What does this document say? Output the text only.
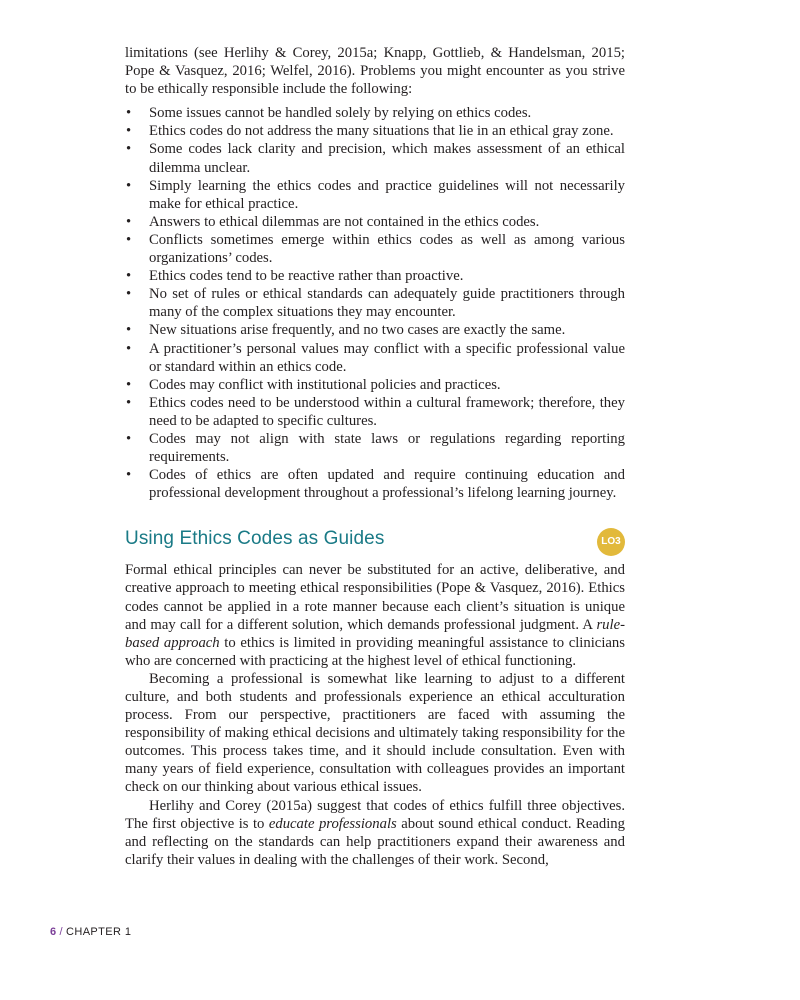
limitations (see Herlihy & Corey, 2015a; Knapp, Gottlieb, & Handelsman, 2015; Pope & Vasquez, 2016; Welfel, 2016). Problems you might encounter as you strive to be ethically responsible include the following:

• Some issues cannot be handled solely by relying on ethics codes.
• Ethics codes do not address the many situations that lie in an ethical gray zone.
• Some codes lack clarity and precision, which makes assessment of an ethical dilemma unclear.
• Simply learning the ethics codes and practice guidelines will not necessarily make for ethical practice.
• Answers to ethical dilemmas are not contained in the ethics codes.
• Conflicts sometimes emerge within ethics codes as well as among various organizations’ codes.
• Ethics codes tend to be reactive rather than proactive.
• No set of rules or ethical standards can adequately guide practitioners through many of the complex situations they may encounter.
• New situations arise frequently, and no two cases are exactly the same.
• A practitioner’s personal values may conflict with a specific professional value or standard within an ethics code.
• Codes may conflict with institutional policies and practices.
• Ethics codes need to be understood within a cultural framework; therefore, they need to be adapted to specific cultures.
• Codes may not align with state laws or regulations regarding reporting requirements.
• Codes of ethics are often updated and require continuing education and professional development throughout a professional’s lifelong learning journey.
Using Ethics Codes as Guides	LO3

Formal ethical principles can never be substituted for an active, deliberative, and creative approach to meeting ethical responsibilities (Pope & Vasquez, 2016). Ethics codes cannot be applied in a rote manner because each client’s situation is unique and may call for a different solution, which demands professional judgment. A rule-based approach to ethics is limited in providing meaningful assistance to clinicians who are concerned with practicing at the highest level of ethical functioning.

Becoming a professional is somewhat like learning to adjust to a different culture, and both students and professionals experience an ethical acculturation process. From our perspective, practitioners are faced with assuming the responsibility of making ethical decisions and ultimately taking responsibility for the outcomes. This process takes time, and it should include consultation. Even with many years of field experience, consultation with colleagues provides an important check on our thinking about various ethical issues.

Herlihy and Corey (2015a) suggest that codes of ethics fulfill three objectives. The first objective is to educate professionals about sound ethical conduct. Reading and reflecting on the standards can help practitioners expand their awareness and clarify their values in dealing with the challenges of their work. Second,

6 / CHAPTER 1
